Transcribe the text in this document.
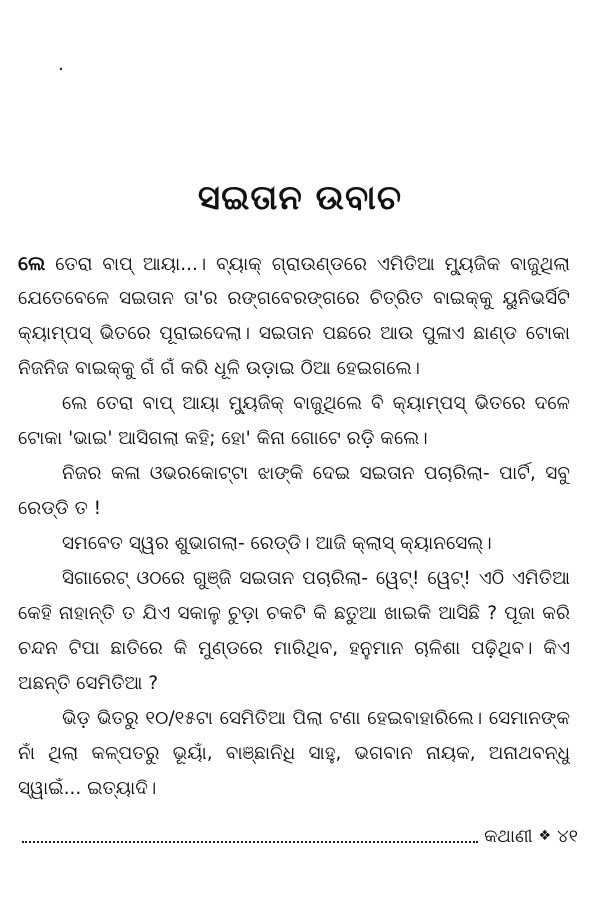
.
ସଇତାନ ଉବାଚ
ଲେ ତେରା ବାପ୍ ଆୟା...। ବ୍ୟାକ୍ ଗ୍ରାଉଣ୍ଡରେ ଏମିତିଆ ମ୍ୟୁଜିକ ବାଜୁଥିଲା
ଯେତେବେଳେ ସଇତାନ ତା'ର ରଙ୍ଗବେରଙ୍ଗରେ ଚିତ୍ରିତ ବାଇକ୍‌କୁ ୟୁନିଭର୍ସିଟି
କ୍ୟାମ୍ପସ୍ ଭିତରେ ପୂରାଇଦେଲା। ସଇତାନ ପଛରେ ଆଉ ପୁଳାଏ ଛାଣ୍ଡ ଟୋକା
ନିଜନିଜ ବାଇକ୍‌କୁ ଗଁ ଗଁ କରି ଧୂଳି ଉଡ଼ାଇ ଠିଆ ହେଇଗଲେ।
ଲେ ତେରା ବାପ୍ ଆୟା ମ୍ୟୁଜିକ୍ ବାଜୁଥିଲେ ବି କ୍ୟାମ୍ପସ୍ ଭିତରେ ଦଳେ
ଟୋକା 'ଭାଇ' ଆସିଗଲା କହି; ହୋ' କିନା ଗୋଟେ ରଡ଼ି କଲେ।
ନିଜର କଳା ଓଭରକୋଟ୍‌ଟା ଝାଙ୍କି ଦେଇ ସଇତାନ ପଚାରିଲା- ପାର୍ଟି, ସବୁ
ରେଡ୍ଡି ତ !
ସମବେତ ସ୍ୱର ଶୁଭାଗଲା- ରେଡ୍ଡି। ଆଜି କ୍ଲାସ୍ କ୍ୟାନସେଲ୍।
ସିଗାରେଟ୍ ଓଠରେ ଗୁଞ୍ଜି ସଇତାନ ପଚାରିଲା- ୱେଟ୍! ୱେଟ୍! ଏଠି ଏମିତିଆ
କେହି ନାହାନ୍ତି ତ ଯିଏ ସକାଳୁ ଚୁଡ଼ା ଚକଟି କି ଛତୁଆ ଖାଇକି ଆସିଛି ? ପୂଜା କରି
ଚନ୍ଦନ ଟିପା ଛାତିରେ କି ମୁଣ୍ଡରେ ମାରିଥିବ, ହନୁମାନ ଚାଳିଶା ପଢ଼ିଥିବ। କିଏ
ଅଛନ୍ତି ସେମିତିଆ ?
ଭିଡ଼ ଭିତରୁ ୧୦/୧୫ଟା ସେମିତିଆ ପିଲା ଟଣା ହେଇବାହାରିଲେ। ସେମାନଙ୍କ
ନାଁ ଥିଲା କଳ୍ପତରୁ ଭୂୟାଁ, ବାଞ୍ଛାନିଧି ସାହୁ, ଭଗବାନ ନାୟକ, ଅନାଥବନ୍ଧୁ
ସ୍ୱାଇଁ... ଇତ୍ୟାଦି।
କଥାଣୀ ❖ ୪୧
